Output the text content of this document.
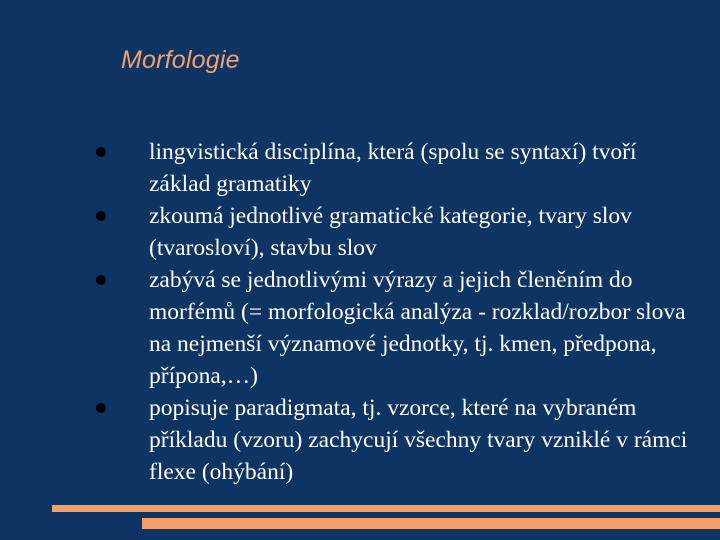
Morfologie
lingvistická disciplína, která (spolu se syntaxí) tvoří základ gramatiky
zkoumá jednotlivé gramatické kategorie, tvary slov (tvarosloví), stavbu slov
zabývá se jednotlivými výrazy a jejich členěním do morfémů (= morfologická analýza - rozklad/rozbor slova na nejmenší významové jednotky, tj. kmen, předpona, přípona,…)
popisuje paradigmata, tj. vzorce, které na vybraném příkladu (vzoru) zachycují všechny tvary vzniklé v rámci flexe (ohýbání)
